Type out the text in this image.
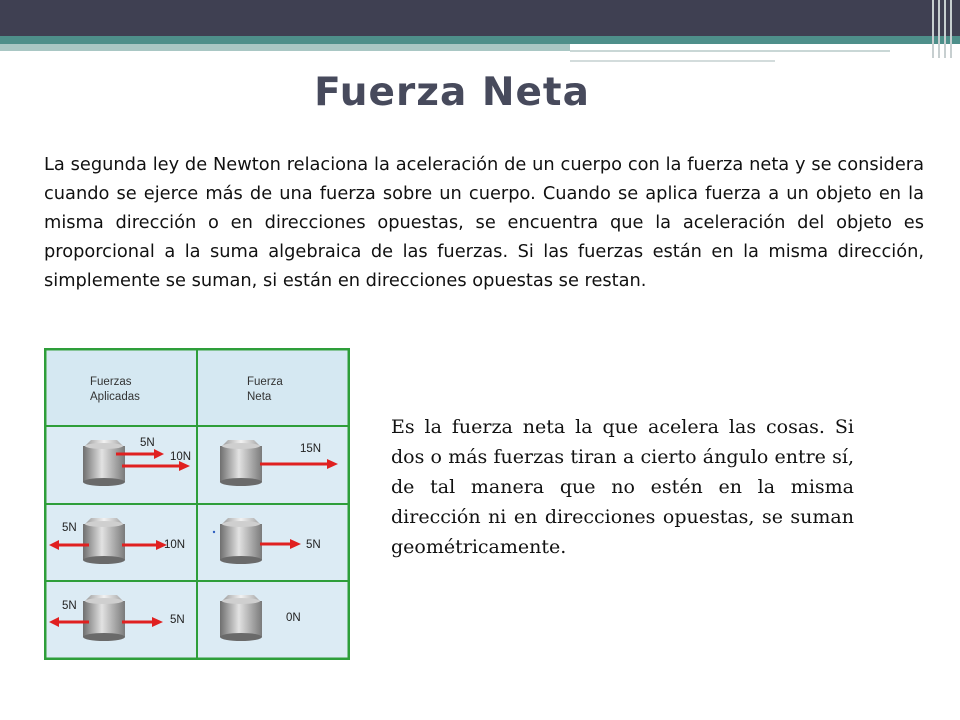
Fuerza Neta

La segunda ley de Newton relaciona la aceleración de un cuerpo con la fuerza neta y se considera cuando se ejerce más de una fuerza sobre un cuerpo. Cuando se aplica fuerza a un objeto en la misma dirección o en direcciones opuestas, se encuentra que la aceleración del objeto es proporcional a la suma algebraica de las fuerzas. Si las fuerzas están en la misma dirección, simplemente se suman, si están en direcciones opuestas se restan.

Fuerzas
Aplicadas
Fuerza
Neta
5N
10N
15N
5N
10N	5N
5N
5N	0N

Es la fuerza neta la que acelera las cosas. Si dos o más fuerzas tiran a cierto ángulo entre sí, de tal manera que no estén en la misma dirección ni en direcciones opuestas, se suman geométricamente.
